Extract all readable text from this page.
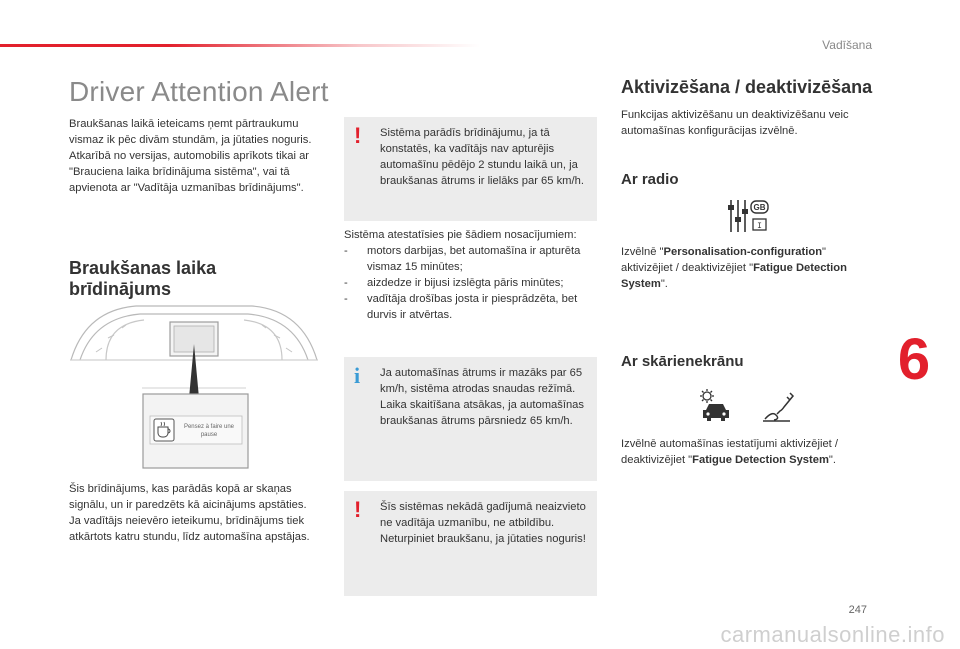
Vadīšana
Driver Attention Alert
Braukšanas laikā ieteicams ņemt pārtraukumu vismaz ik pēc divām stundām, ja jūtaties noguris.
Atkarībā no versijas, automobilis aprīkots tikai ar "Brauciena laika brīdinājuma sistēma", vai tā apvienota ar "Vadītāja uzmanības brīdinājums".
Braukšanas laika
brīdinājums
Pensez à faire une
pause
Šis brīdinājums, kas parādās kopā ar skaņas signālu, un ir paredzēts kā aicinājums apstāties.
Ja vadītājs neievēro ieteikumu, brīdinājums tiek atkārtots katru stundu, līdz automašīna apstājas.
! Sistēma parādīs brīdinājumu, ja tā konstatēs, ka vadītājs nav apturējis automašīnu pēdējo 2 stundu laikā un, ja braukšanas ātrums ir lielāks par 65 km/h.
Sistēma atestatīsies pie šādiem nosacījumiem:
- motors darbijas, bet automašīna ir apturēta vismaz 15 minūtes;
- aizdedze ir bijusi izslēgta pāris minūtes;
- vadītāja drošības josta ir piesprādzēta, bet durvis ir atvērtas.
i Ja automašīnas ātrums ir mazāks par 65 km/h, sistēma atrodas snaudas režīmā.
Laika skaitīšana atsākas, ja automašīnas braukšanas ātrums pārsniedz 65 km/h.
! Šīs sistēmas nekādā gadījumā neaizvieto ne vadītāja uzmanību, ne atbildību.
Neturpiniet braukšanu, ja jūtaties noguris!
Aktivizēšana / deaktivizēšana
Funkcijas aktivizēšanu un deaktivizēšanu veic automašīnas konfigurācijas izvēlnē.
Ar radio
GB
I
Izvēlnē "Personalisation-configuration" aktivizējiet / deaktivizējiet "Fatigue Detection System".
Ar skārienekrānu
Izvēlnē automašīnas iestatījumi aktivizējiet / deaktivizējiet "Fatigue Detection System".
6
247
carmanualsonline.info
